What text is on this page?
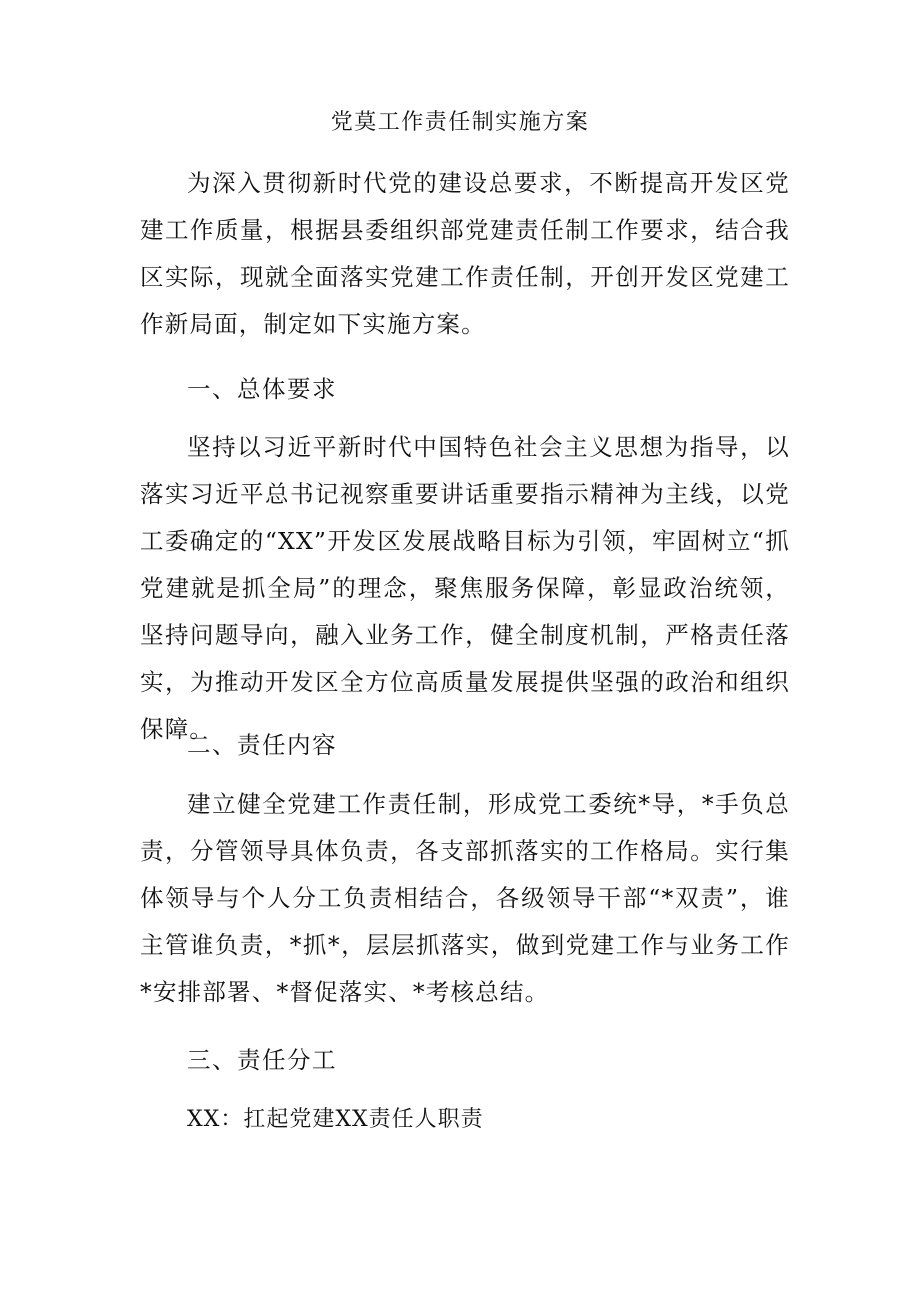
党莫工作责任制实施方案

为深入贯彻新时代党的建设总要求，不断提高开发区党建工作质量，根据县委组织部党建责任制工作要求，结合我区实际，现就全面落实党建工作责任制，开创开发区党建工作新局面，制定如下实施方案。

一、总体要求

坚持以习近平新时代中国特色社会主义思想为指导，以落实习近平总书记视察重要讲话重要指示精神为主线，以党工委确定的“XX”开发区发展战略目标为引领，牢固树立“抓党建就是抓全局”的理念，聚焦服务保障，彰显政治统领，坚持问题导向，融入业务工作，健全制度机制，严格责任落实，为推动开发区全方位高质量发展提供坚强的政治和组织保障。

二、责任内容

建立健全党建工作责任制，形成党工委统*导，*手负总责，分管领导具体负责，各支部抓落实的工作格局。实行集体领导与个人分工负责相结合，各级领导干部“*双责”，谁主管谁负责，*抓*，层层抓落实，做到党建工作与业务工作*安排部署、*督促落实、*考核总结。

三、责任分工

XX：扛起党建XX责任人职责
